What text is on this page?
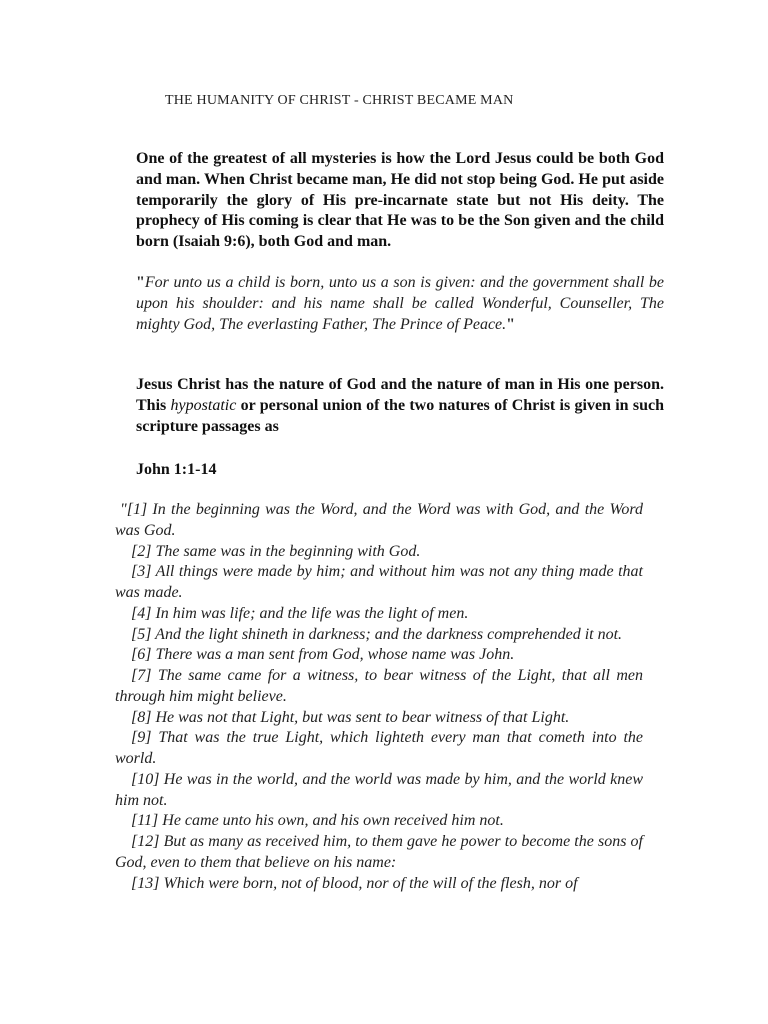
THE HUMANITY OF CHRIST - CHRIST BECAME MAN

One of the greatest of all mysteries is how the Lord Jesus could be both God and man. When Christ became man, He did not stop being God. He put aside temporarily the glory of His pre-incarnate state but not His deity. The prophecy of His coming is clear that He was to be the Son given and the child born (Isaiah 9:6), both God and man.

"For unto us a child is born, unto us a son is given: and the government shall be upon his shoulder: and his name shall be called Wonderful, Counseller, The mighty God, The everlasting Father, The Prince of Peace."

Jesus Christ has the nature of God and the nature of man in His one person. This hypostatic or personal union of the two natures of Christ is given in such scripture passages as

John 1:1-14

"[1] In the beginning was the Word, and the Word was with God, and the Word was God.

[2] The same was in the beginning with God.

[3] All things were made by him; and without him was not any thing made that was made.

[4] In him was life; and the life was the light of men.

[5] And the light shineth in darkness; and the darkness comprehended it not.

[6] There was a man sent from God, whose name was John.

[7] The same came for a witness, to bear witness of the Light, that all men through him might believe.

[8] He was not that Light, but was sent to bear witness of that Light.

[9] That was the true Light, which lighteth every man that cometh into the world.

[10] He was in the world, and the world was made by him, and the world knew him not.

[11] He came unto his own, and his own received him not.

[12] But as many as received him, to them gave he power to become the sons of God, even to them that believe on his name:

[13] Which were born, not of blood, nor of the will of the flesh, nor of
